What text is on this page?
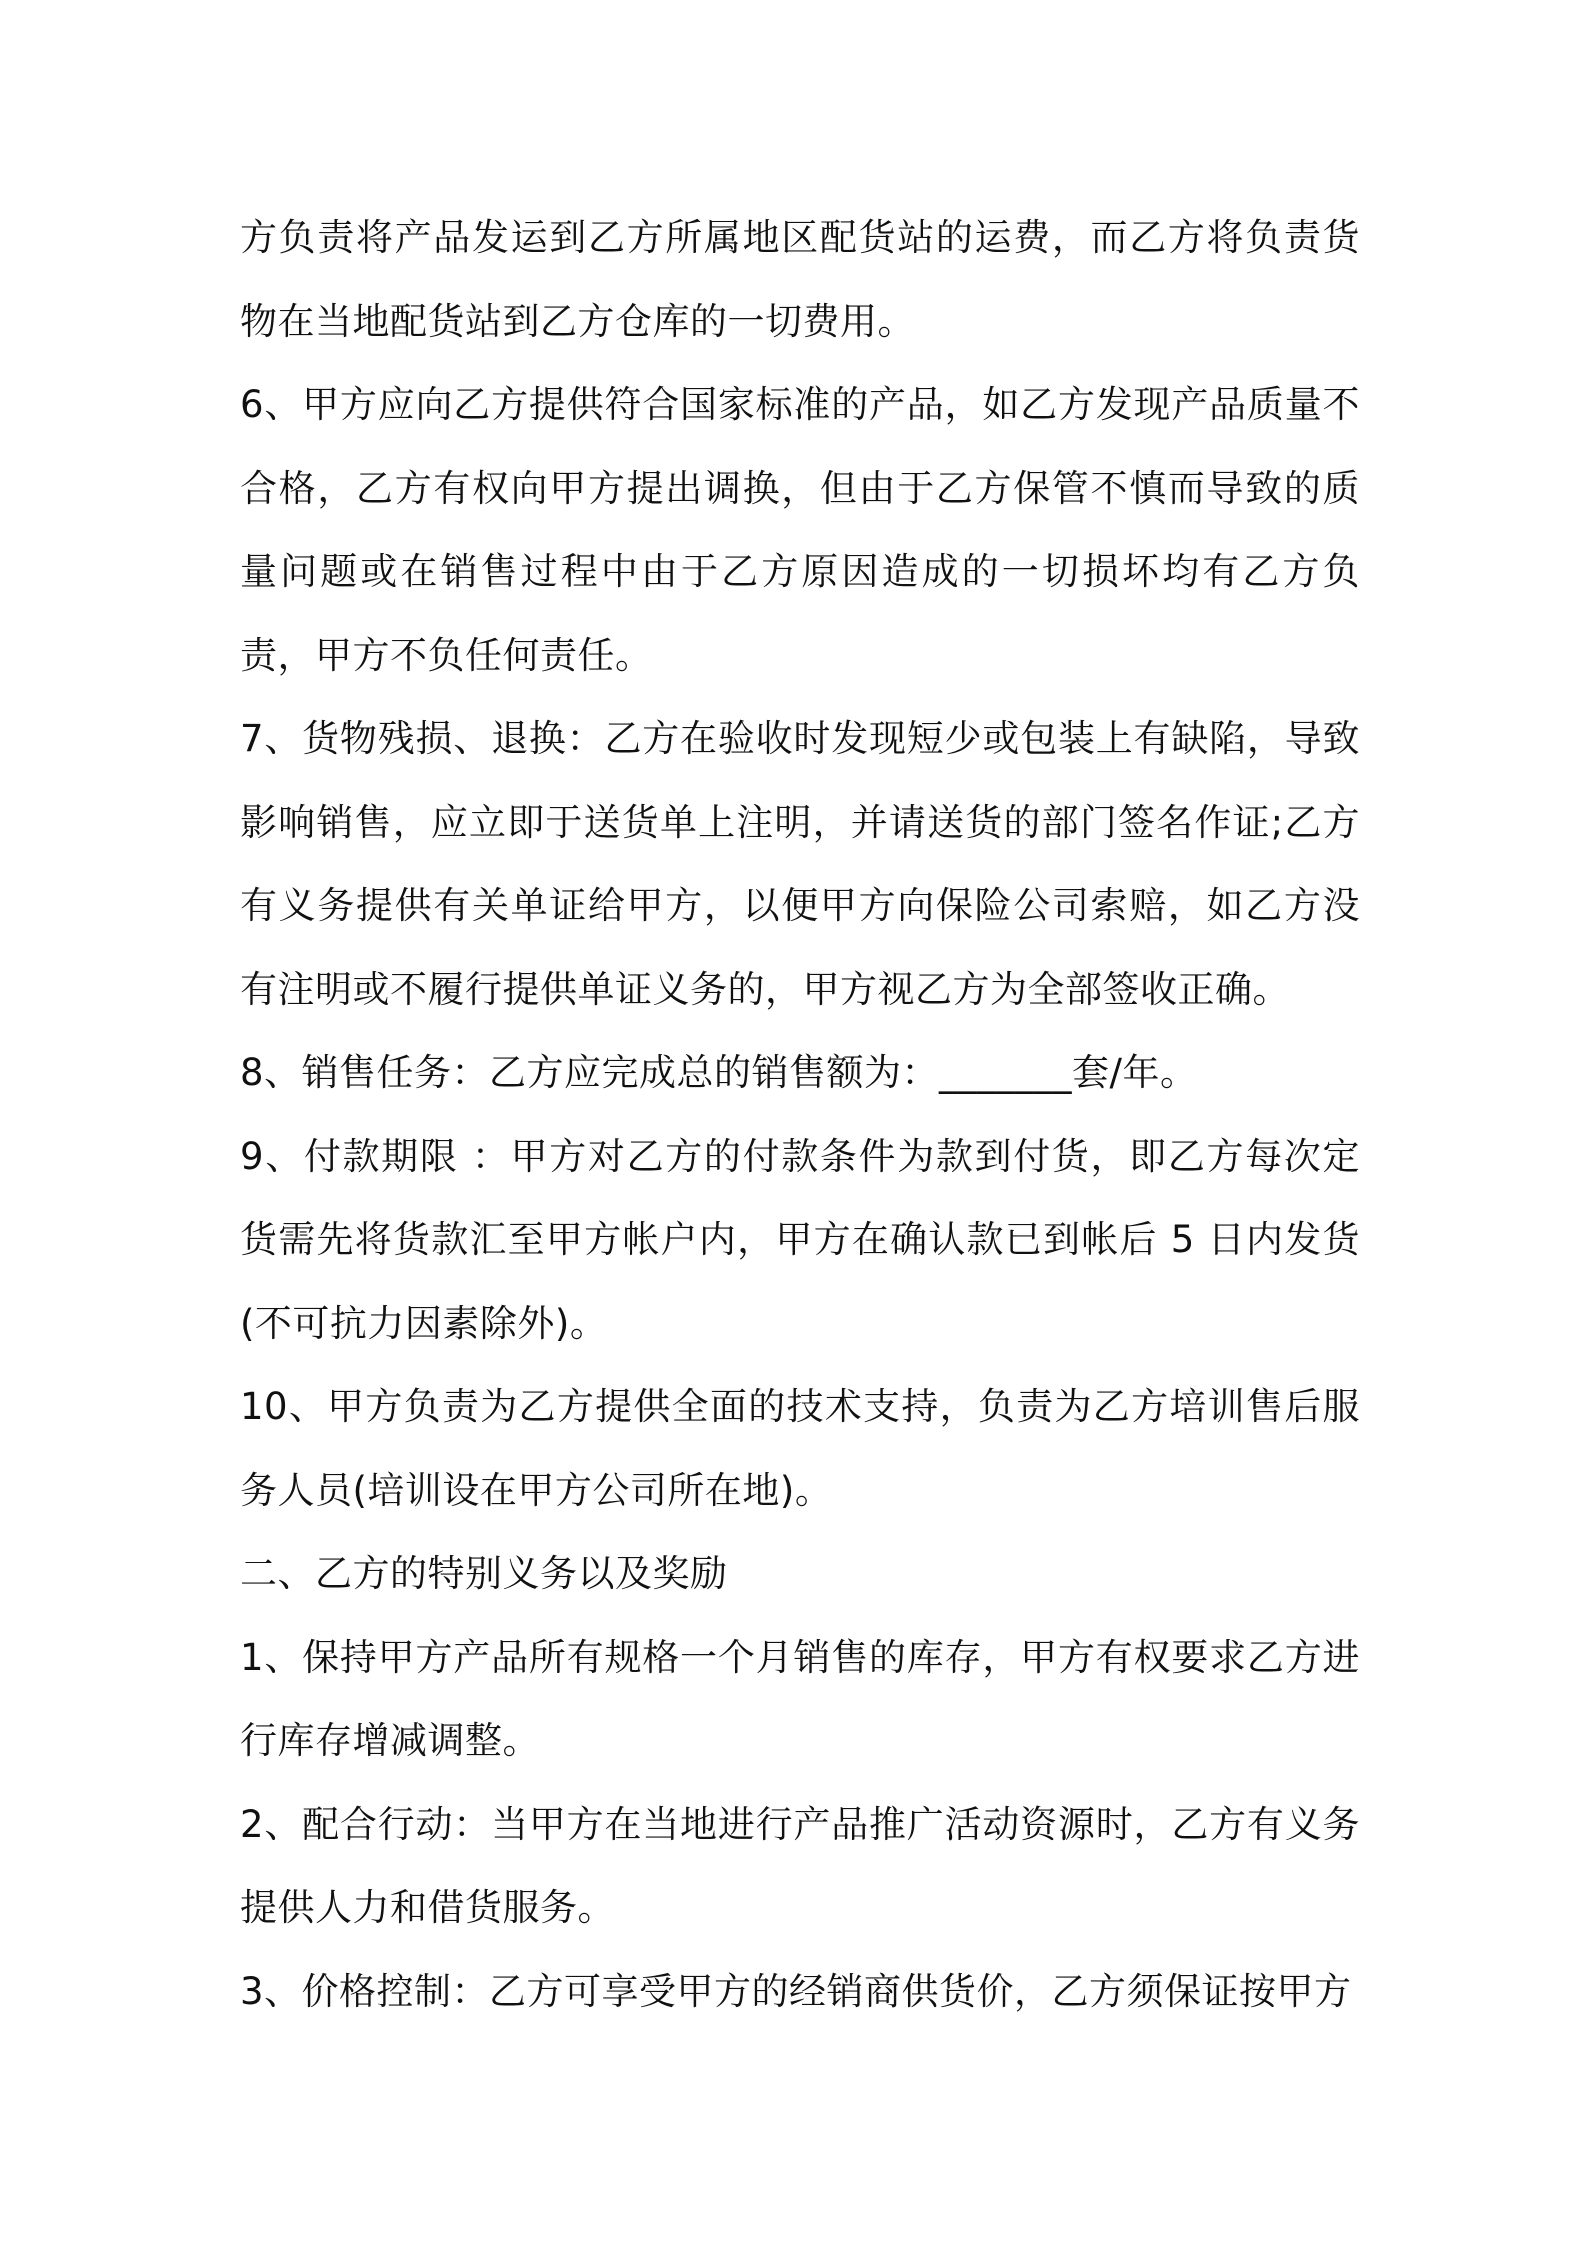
方负责将产品发运到乙方所属地区配货站的运费，而乙方将负责货物在当地配货站到乙方仓库的一切费用。

6、甲方应向乙方提供符合国家标准的产品，如乙方发现产品质量不合格，乙方有权向甲方提出调换，但由于乙方保管不慎而导致的质量问题或在销售过程中由于乙方原因造成的一切损坏均有乙方负责，甲方不负任何责任。

7、货物残损、退换：乙方在验收时发现短少或包装上有缺陷，导致影响销售，应立即于送货单上注明，并请送货的部门签名作证;乙方有义务提供有关单证给甲方，以便甲方向保险公司索赔，如乙方没有注明或不履行提供单证义务的，甲方视乙方为全部签收正确。

8、销售任务：乙方应完成总的销售额为：_______套/年。

9、付款期限 ：甲方对乙方的付款条件为款到付货，即乙方每次定货需先将货款汇至甲方帐户内，甲方在确认款已到帐后 5 日内发货(不可抗力因素除外)。

10、甲方负责为乙方提供全面的技术支持，负责为乙方培训售后服务人员(培训设在甲方公司所在地)。

二、乙方的特别义务以及奖励

1、保持甲方产品所有规格一个月销售的库存，甲方有权要求乙方进行库存增减调整。

2、配合行动：当甲方在当地进行产品推广活动资源时，乙方有义务提供人力和借货服务。

3、价格控制：乙方可享受甲方的经销商供货价，乙方须保证按甲方
